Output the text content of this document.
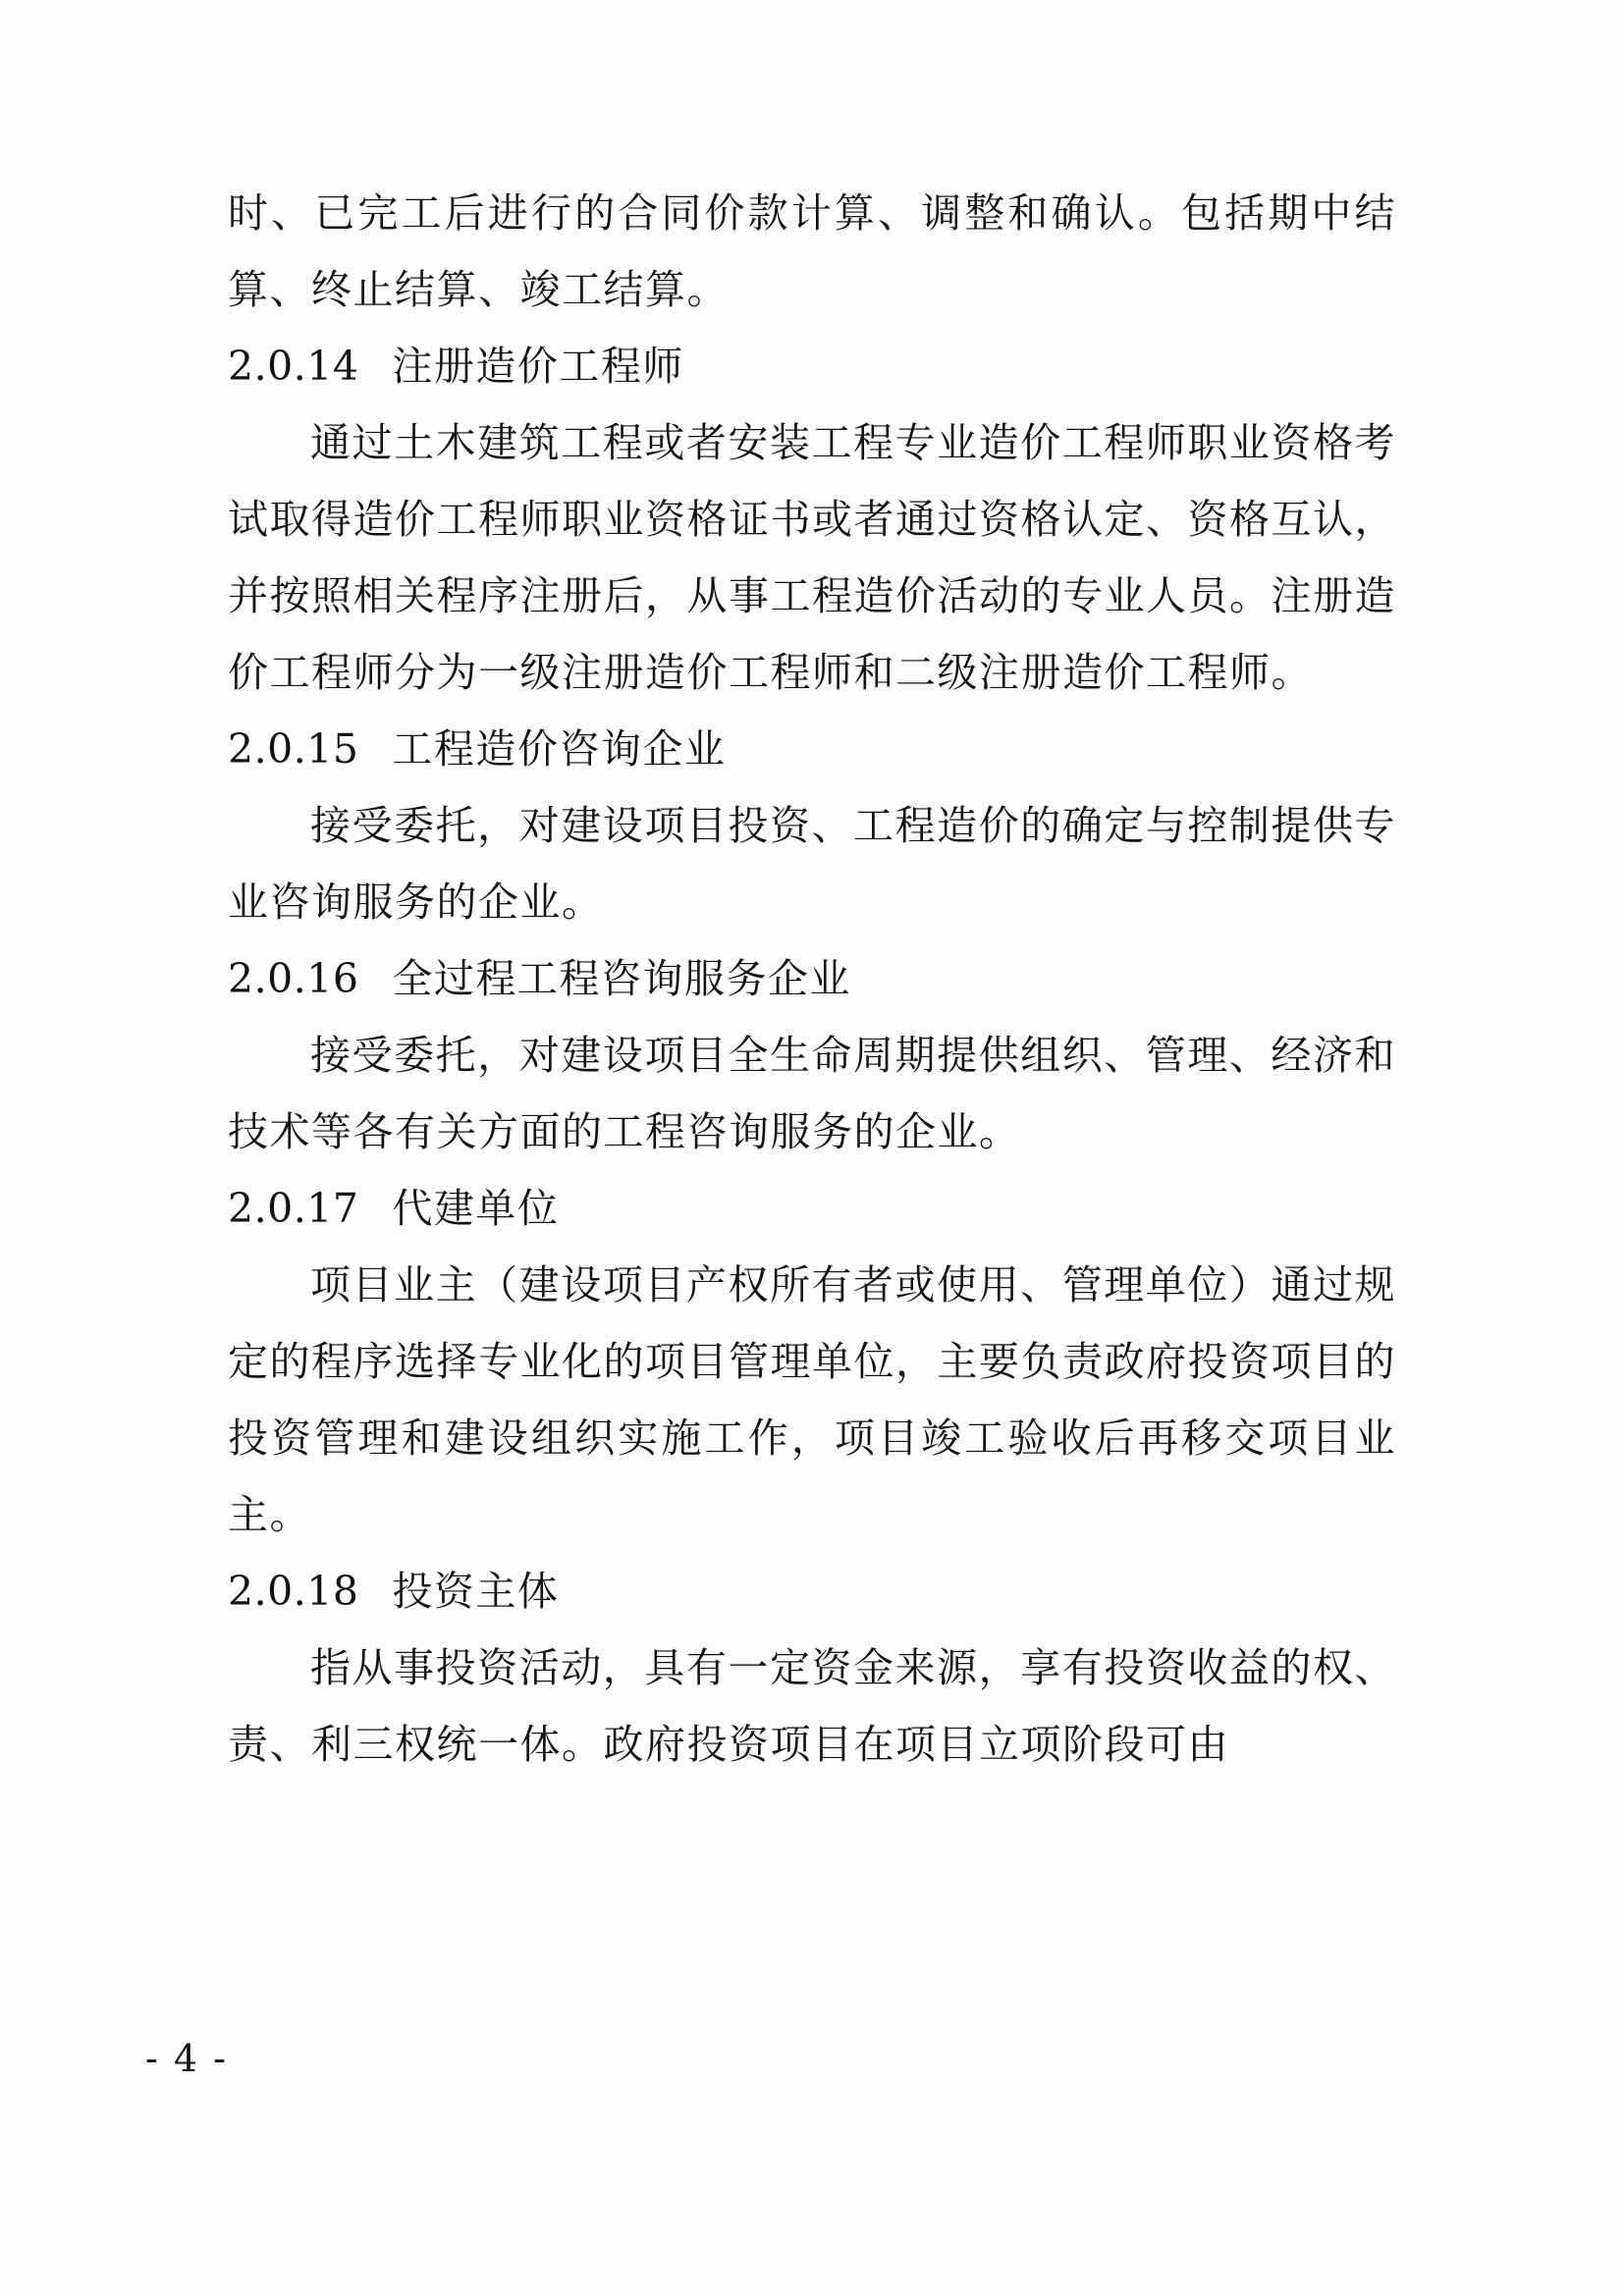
时、已完工后进行的合同价款计算、调整和确认。包括期中结算、终止结算、竣工结算。

2.0.14 注册造价工程师

通过土木建筑工程或者安装工程专业造价工程师职业资格考试取得造价工程师职业资格证书或者通过资格认定、资格互认，并按照相关程序注册后，从事工程造价活动的专业人员。注册造价工程师分为一级注册造价工程师和二级注册造价工程师。

2.0.15 工程造价咨询企业

接受委托，对建设项目投资、工程造价的确定与控制提供专业咨询服务的企业。

2.0.16 全过程工程咨询服务企业

接受委托，对建设项目全生命周期提供组织、管理、经济和技术等各有关方面的工程咨询服务的企业。

2.0.17 代建单位

项目业主（建设项目产权所有者或使用、管理单位）通过规定的程序选择专业化的项目管理单位，主要负责政府投资项目的投资管理和建设组织实施工作，项目竣工验收后再移交项目业主。

2.0.18 投资主体

指从事投资活动，具有一定资金来源，享有投资收益的权、责、利三权统一体。政府投资项目在项目立项阶段可由

- 4 -
